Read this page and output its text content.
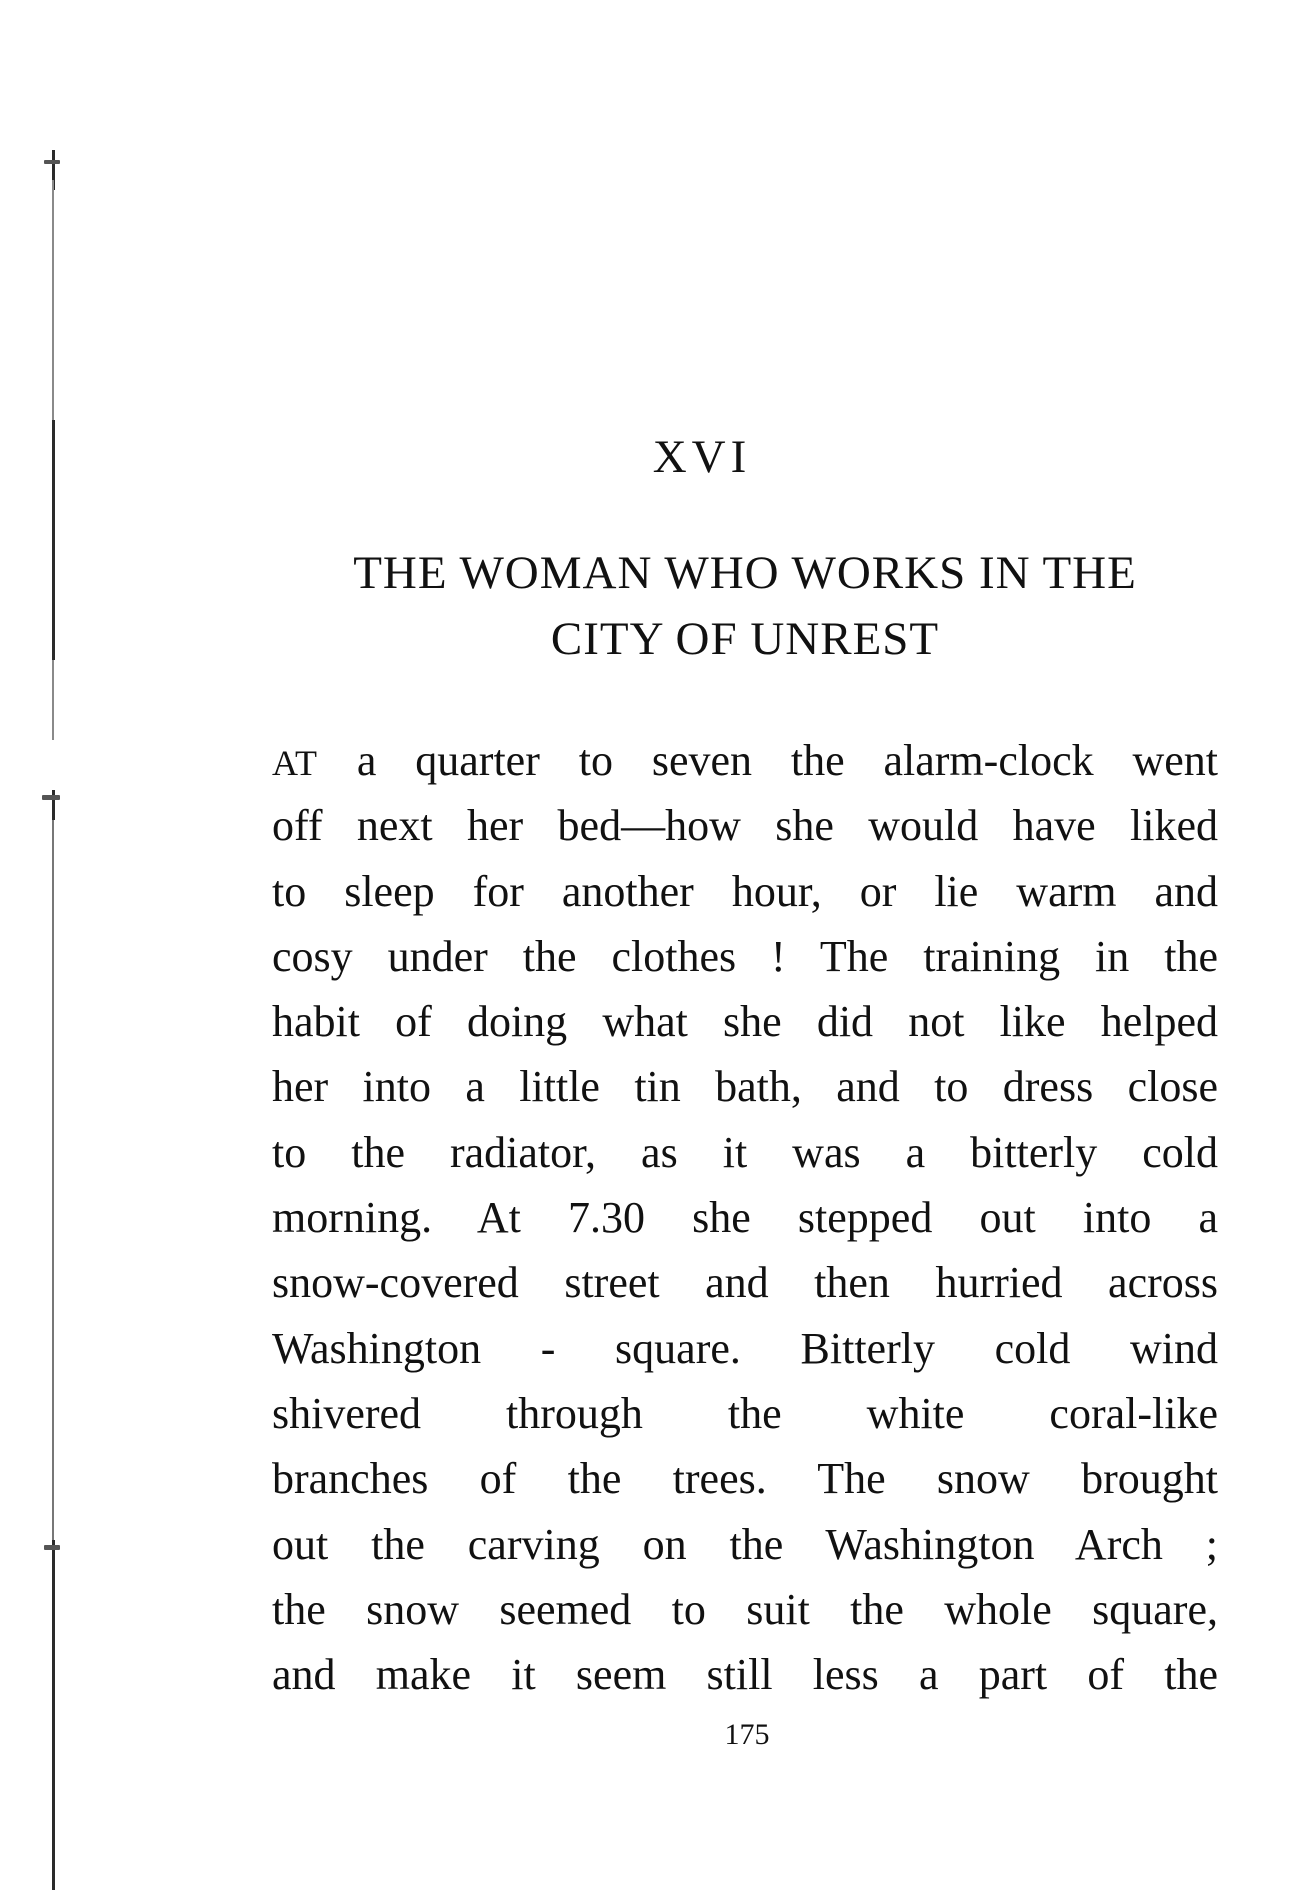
XVI
THE WOMAN WHO WORKS IN THE
CITY OF UNREST
AT a quarter to seven the alarm-clock went
off next her bed—how she would have liked
to sleep for another hour, or lie warm and
cosy under the clothes ! The training in the
habit of doing what she did not like helped
her into a little tin bath, and to dress close
to the radiator, as it was a bitterly cold
morning. At 7.30 she stepped out into a
snow-covered street and then hurried across
Washington - square. Bitterly cold wind
shivered through the white coral-like
branches of the trees. The snow brought
out the carving on the Washington Arch ;
the snow seemed to suit the whole square,
and make it seem still less a part of the
175
